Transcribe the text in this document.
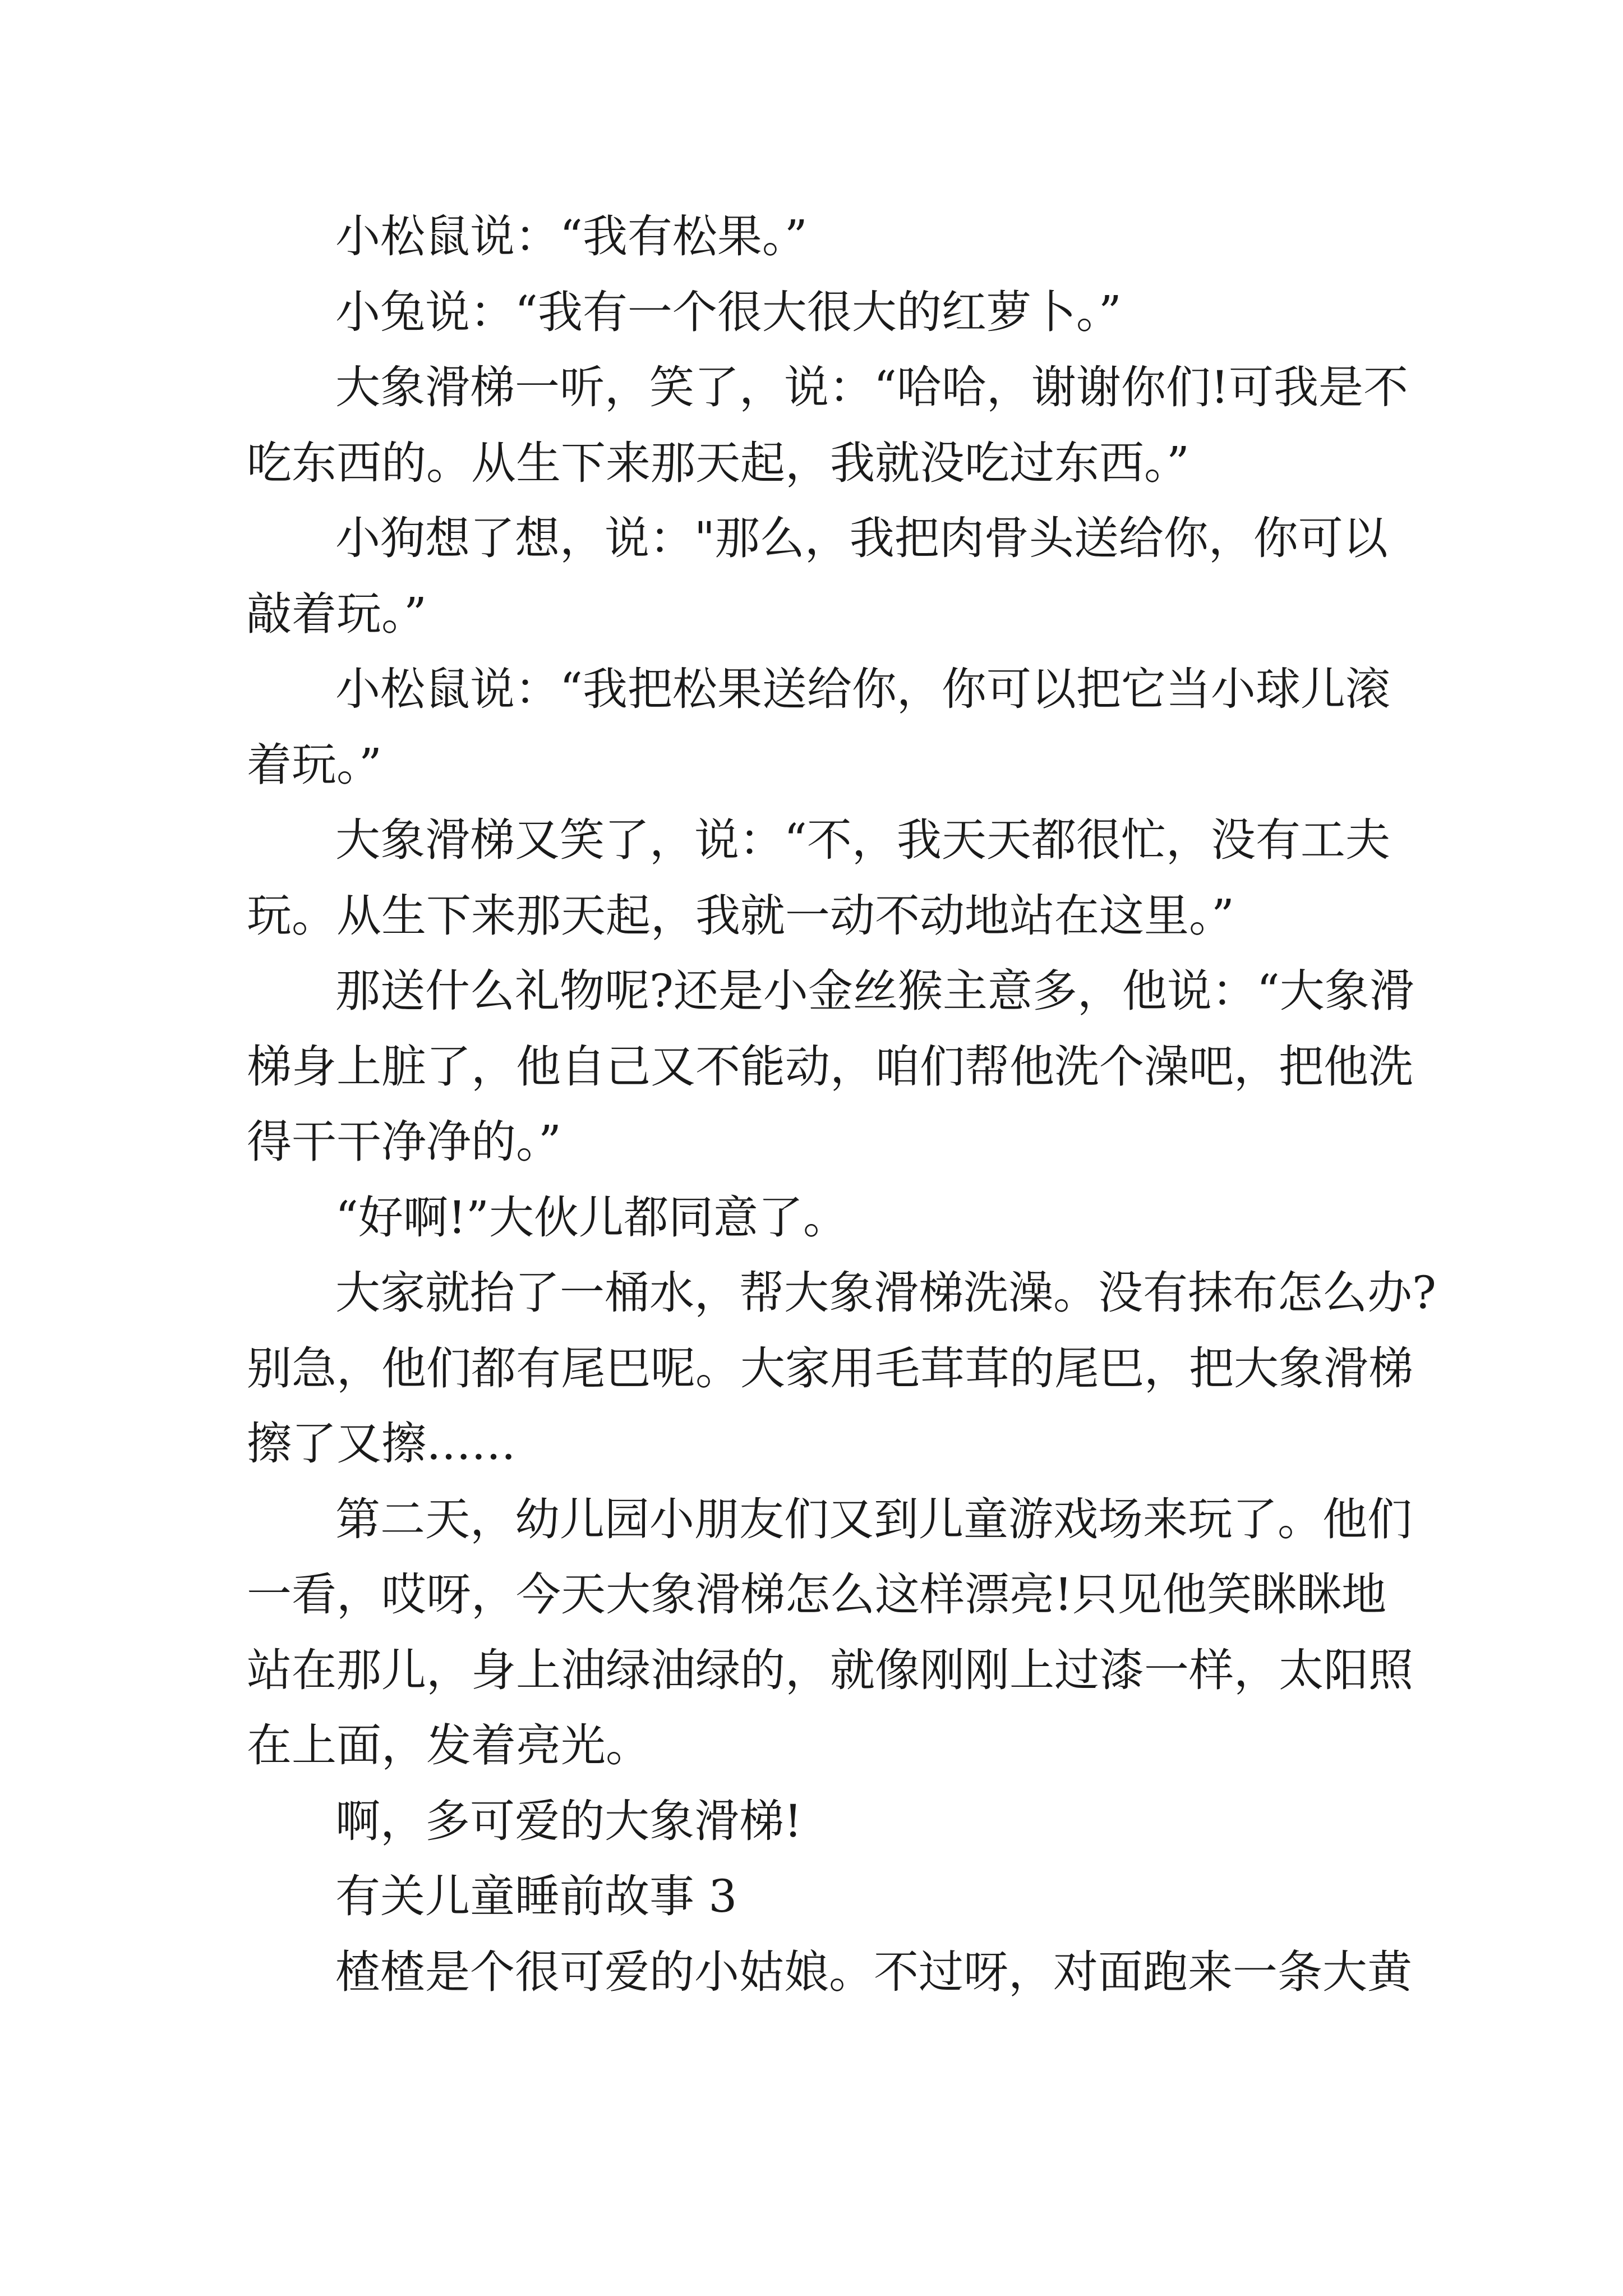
小松鼠说：“我有松果。”

小兔说：“我有一个很大很大的红萝卜。”

大象滑梯一听，笑了，说：“哈哈，谢谢你们!可我是不

吃东西的。从生下来那天起，我就没吃过东西。”

小狗想了想，说："那么，我把肉骨头送给你，你可以

敲着玩。”

小松鼠说：“我把松果送给你，你可以把它当小球儿滚

着玩。”

大象滑梯又笑了，说：“不，我天天都很忙，没有工夫

玩。从生下来那天起，我就一动不动地站在这里。”

那送什么礼物呢?还是小金丝猴主意多，他说：“大象滑

梯身上脏了，他自己又不能动，咱们帮他洗个澡吧，把他洗

得干干净净的。”

“好啊!”大伙儿都同意了。

大家就抬了一桶水，帮大象滑梯洗澡。没有抹布怎么办?

别急，他们都有尾巴呢。大家用毛茸茸的尾巴，把大象滑梯

擦了又擦……

第二天，幼儿园小朋友们又到儿童游戏场来玩了。他们

一看，哎呀，今天大象滑梯怎么这样漂亮!只见他笑眯眯地

站在那儿，身上油绿油绿的，就像刚刚上过漆一样，太阳照

在上面，发着亮光。

啊，多可爱的大象滑梯!

有关儿童睡前故事 3

楂楂是个很可爱的小姑娘。不过呀，对面跑来一条大黄
